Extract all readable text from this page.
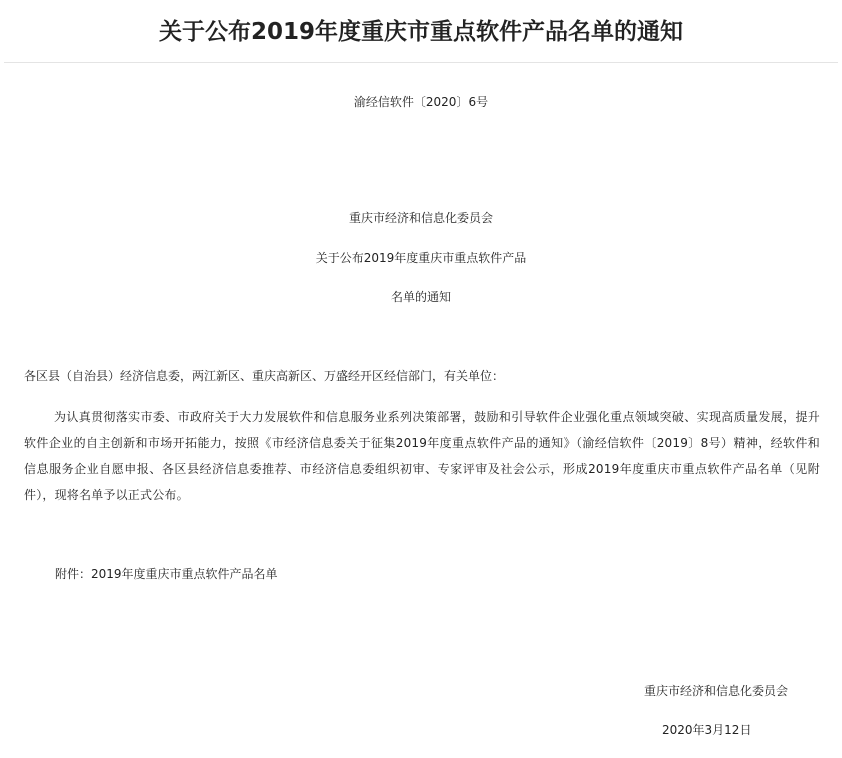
关于公布2019年度重庆市重点软件产品名单的通知

渝经信软件〔2020〕6号

重庆市经济和信息化委员会

关于公布2019年度重庆市重点软件产品

名单的通知

各区县（自治县）经济信息委，两江新区、重庆高新区、万盛经开区经信部门，有关单位：

为认真贯彻落实市委、市政府关于大力发展软件和信息服务业系列决策部署，鼓励和引导软件企业强化重点领域突破、实现高质量发展，提升软件企业的自主创新和市场开拓能力，按照《市经济信息委关于征集2019年度重点软件产品的通知》（渝经信软件〔2019〕8号）精神，经软件和信息服务企业自愿申报、各区县经济信息委推荐、市经济信息委组织初审、专家评审及社会公示，形成2019年度重庆市重点软件产品名单（见附件），现将名单予以正式公布。

附件：2019年度重庆市重点软件产品名单

重庆市经济和信息化委员会

2020年3月12日
